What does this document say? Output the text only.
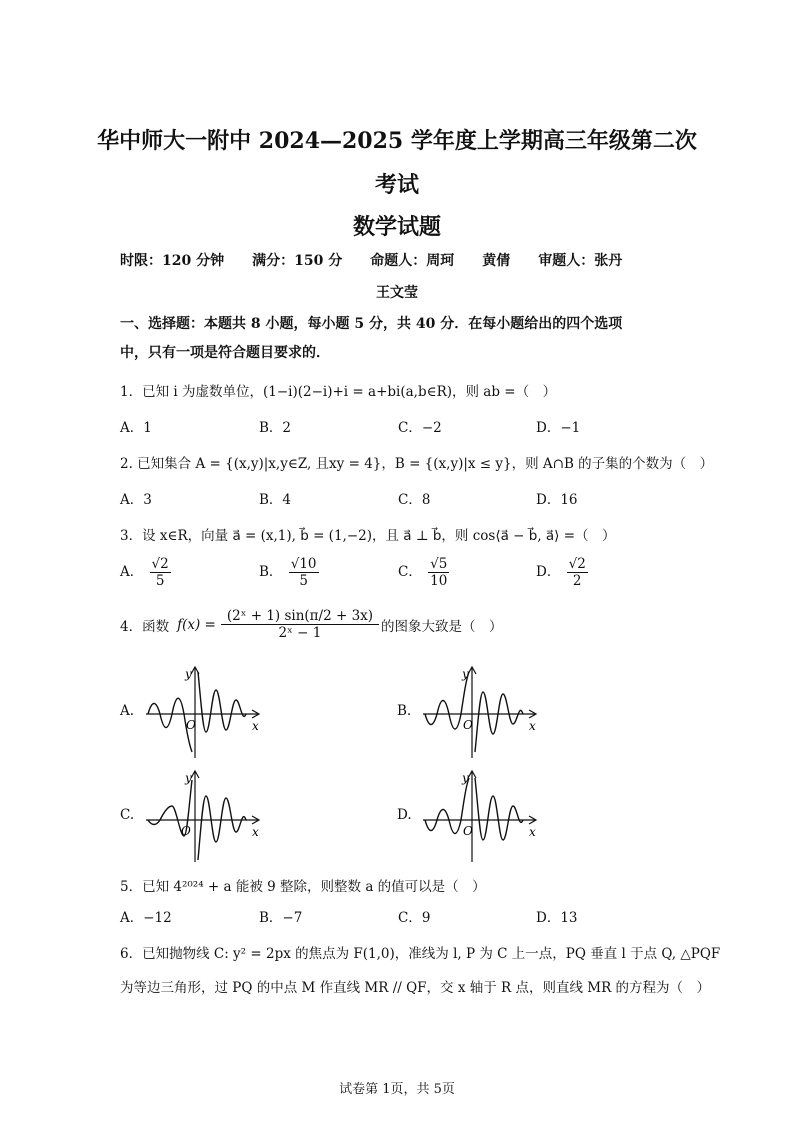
华中师大一附中 2024—2025 学年度上学期高三年级第二次
考试
数学试题
时限：120 分钟　　满分：150 分　　命题人：周珂　　黄倩　　审题人：张丹
王文莹
一、选择题：本题共 8 小题，每小题 5 分，共 40 分．在每小题给出的四个选项
中，只有一项是符合题目要求的．
1．已知 i 为虚数单位，(1−i)(2−i)+i = a+bi(a,b∈R)，则 ab =（　）
A．1	B．2	C．−2	D．−1
2. 已知集合 A = {(x,y)|x,y∈Z, 且xy = 4}，B = {(x,y)|x ≤ y}，则 A∩B 的子集的个数为（　）
A．3	B．4	C．8	D．16
3．设 x∈R，向量 a⃗ = (x,1), b⃗ = (1,−2)，且 a⃗ ⊥ b⃗，则 cos⟨a⃗ − b⃗, a⃗⟩ =（　）
A． $\frac{√2}{5}$	B． $\frac{√10}{5}$	C． $\frac{√5}{10}$	D． $\frac{√2}{2}$
4．函数 $f(x) = \frac{\text{(2ˣ + 1) sin(π/2 + 3x)}}{\text{2ˣ − 1}}$ 的图象大致是（　）
A.	B.
C.	D.
x
y
O	x
y
O
x
y
O	x
y
O
5．已知 4²⁰²⁴ + a 能被 9 整除，则整数 a 的值可以是（　）
A．−12	B．−7	C．9	D．13
6．已知抛物线 C: y² = 2px 的焦点为 F(1,0)，准线为 l, P 为 C 上一点，PQ 垂直 l 于点 Q, △PQF
为等边三角形，过 PQ 的中点 M 作直线 MR // QF，交 x 轴于 R 点，则直线 MR 的方程为（　）
试卷第 1页，共 5页
